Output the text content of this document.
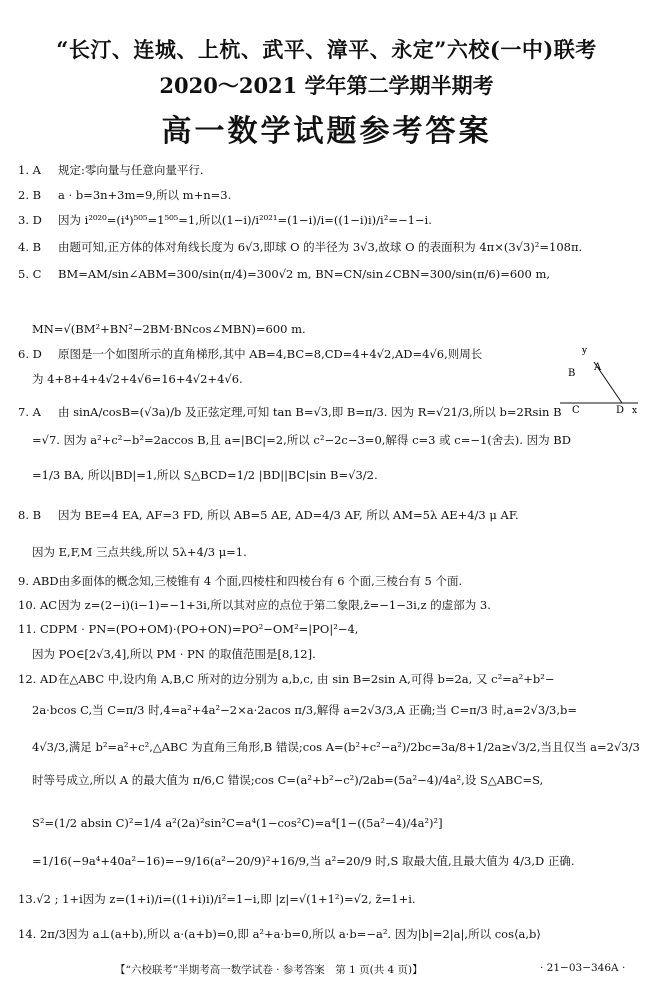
“长汀、连城、上杭、武平、漳平、永定”六校(一中)联考
2020～2021 学年第二学期半期考
高一数学试题参考答案
1. A 规定:零向量与任意向量平行.
2. B a · b=3n+3m=9,所以 m+n=3.
3. D 因为 i²⁰²⁰=(i⁴)⁵⁰⁵=1⁵⁰⁵=1,所以(1−i)/i²⁰²¹=(1−i)/i=((1−i)i)/i²=−1−i.
4. B 由题可知,正方体的体对角线长度为 6√3,即球 O 的半径为 3√3,故球 O 的表面积为 4π×(3√3)²=108π.
5. C BM=AM/sin∠ABM=300/sin(π/4)=300√2 m, BN=CN/sin∠CBN=300/sin(π/6)=600 m,
MN=√(BM²+BN²−2BM·BNcos∠MBN)=600 m.
6. D 原图是一个如图所示的直角梯形,其中 AB=4,BC=8,CD=4+4√2,AD=4√6,则周长
为 4+8+4+4√2+4√6=16+4√2+4√6.
7. A 由 sinA/cosB=(√3a)/b 及正弦定理,可知 tan B=√3,即 B=π/3. 因为 R=√21/3,所以 b=2Rsin B
=√7. 因为 a²+c²−b²=2accos B,且 a=|BC|=2,所以 c²−2c−3=0,解得 c=3 或 c=−1(舍去). 因为 BD
=1/3 BA, 所以|BD|=1,所以 S△BCD=1/2 |BD||BC|sin B=√3/2.
8. B 因为 BE=4 EA, AF=3 FD, 所以 AB=5 AE, AD=4/3 AF, 所以 AM=5λ AE+4/3 μ AF.
因为 E,F,M 三点共线,所以 5λ+4/3 μ=1.
9. ABD由多面体的概念知,三棱锥有 4 个面,四棱柱和四棱台有 6 个面,三棱台有 5 个面.
10. AC因为 z=(2−i)(i−1)=−1+3i,所以其对应的点位于第二象限,z̄=−1−3i,z 的虚部为 3.
11. CDPM · PN=(PO+OM)·(PO+ON)=PO²−OM²=|PO|²−4,
因为 PO∈[2√3,4],所以 PM · PN 的取值范围是[8,12].
12. AD在△ABC 中,设内角 A,B,C 所对的边分别为 a,b,c, 由 sin B=2sin A,可得 b=2a, 又 c²=a²+b²−
2a·bcos C,当 C=π/3 时,4=a²+4a²−2×a·2acos π/3,解得 a=2√3/3,A 正确;当 C=π/3 时,a=2√3/3,b=
4√3/3,满足 b²=a²+c²,△ABC 为直角三角形,B 错误;cos A=(b²+c²−a²)/2bc=3a/8+1/2a≥√3/2,当且仅当 a=2√3/3
时等号成立,所以 A 的最大值为 π/6,C 错误;cos C=(a²+b²−c²)/2ab=(5a²−4)/4a²,设 S△ABC=S,
S²=(1/2 absin C)²=1/4 a²(2a)²sin²C=a⁴(1−cos²C)=a⁴[1−((5a²−4)/4a²)²]
=1/16(−9a⁴+40a²−16)=−9/16(a²−20/9)²+16/9,当 a²=20/9 时,S 取最大值,且最大值为 4/3,D 正确.
13.√2 ; 1+i因为 z=(1+i)/i=((1+i)i)/i²=1−i,即 |z|=√(1+1²)=√2, z̄=1+i.
14. 2π/3因为 a⊥(a+b),所以 a·(a+b)=0,即 a²+a·b=0,所以 a·b=−a². 因为|b|=2|a|,所以 cos⟨a,b⟩
y
B
A
C	D x
【“六校联考”半期考高一数学试卷 · 参考答案　第 1 页(共 4 页)】	· 21−03−346A ·
